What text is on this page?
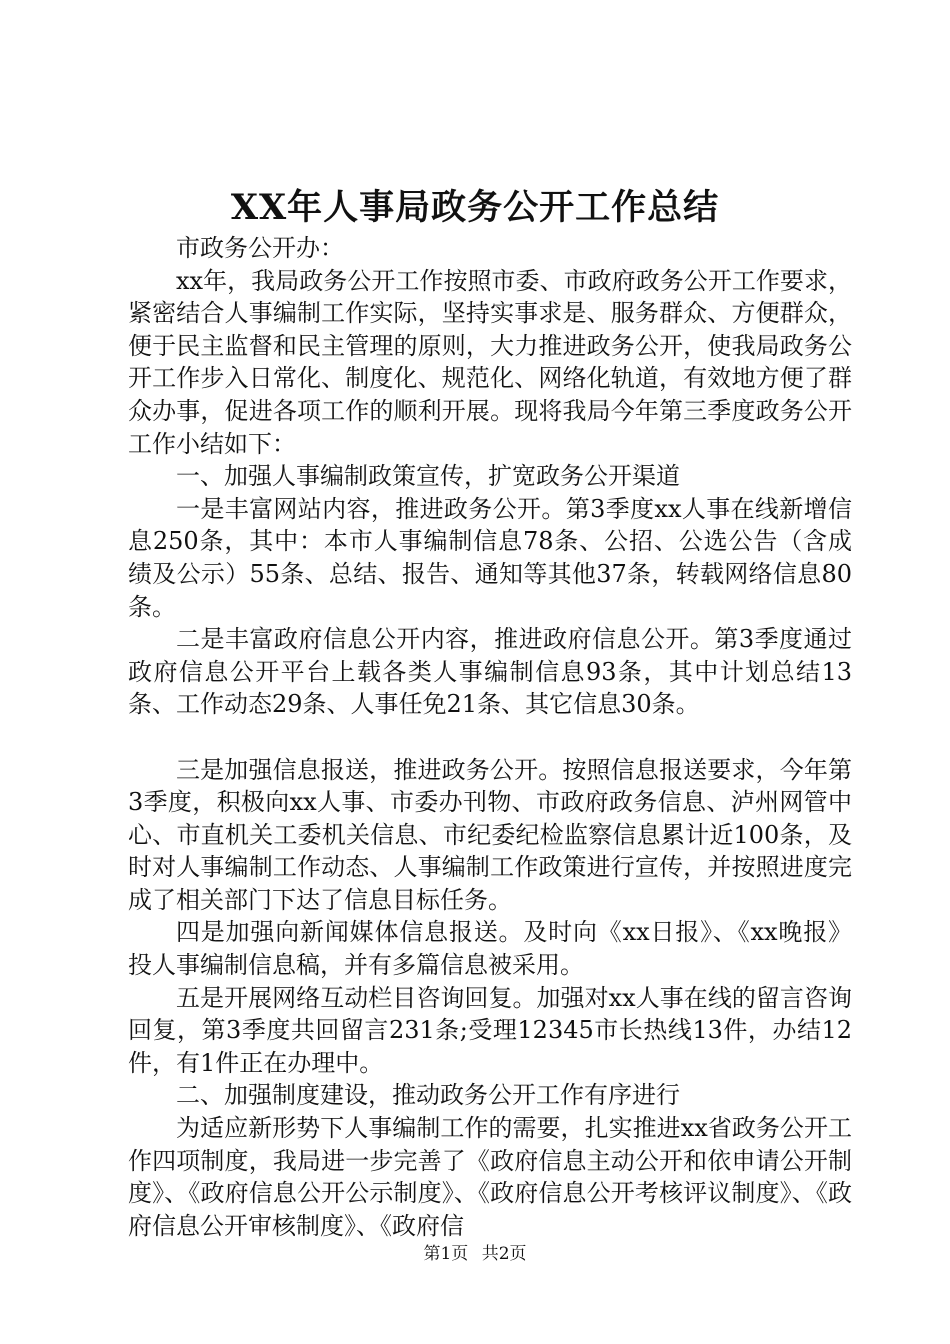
XX年人事局政务公开工作总结

市政务公开办：

xx年，我局政务公开工作按照市委、市政府政务公开工作要求，紧密结合人事编制工作实际，坚持实事求是、服务群众、方便群众，便于民主监督和民主管理的原则，大力推进政务公开，使我局政务公开工作步入日常化、制度化、规范化、网络化轨道，有效地方便了群众办事，促进各项工作的顺利开展。现将我局今年第三季度政务公开工作小结如下：

一、加强人事编制政策宣传，扩宽政务公开渠道

一是丰富网站内容，推进政务公开。第3季度xx人事在线新增信息250条，其中：本市人事编制信息78条、公招、公选公告（含成绩及公示）55条、总结、报告、通知等其他37条，转载网络信息80条。

二是丰富政府信息公开内容，推进政府信息公开。第3季度通过政府信息公开平台上载各类人事编制信息93条，其中计划总结13条、工作动态29条、人事任免21条、其它信息30条。

三是加强信息报送，推进政务公开。按照信息报送要求，今年第3季度，积极向xx人事、市委办刊物、市政府政务信息、泸州网管中心、市直机关工委机关信息、市纪委纪检监察信息累计近100条，及时对人事编制工作动态、人事编制工作政策进行宣传，并按照进度完成了相关部门下达了信息目标任务。

四是加强向新闻媒体信息报送。及时向《xx日报》、《xx晚报》投人事编制信息稿，并有多篇信息被采用。

五是开展网络互动栏目咨询回复。加强对xx人事在线的留言咨询回复，第3季度共回留言231条;受理12345市长热线13件，办结12件，有1件正在办理中。

二、加强制度建设，推动政务公开工作有序进行

为适应新形势下人事编制工作的需要，扎实推进xx省政务公开工作四项制度，我局进一步完善了《政府信息主动公开和依申请公开制度》、《政府信息公开公示制度》、《政府信息公开考核评议制度》、《政府信息公开审核制度》、《政府信

第1页 共2页
